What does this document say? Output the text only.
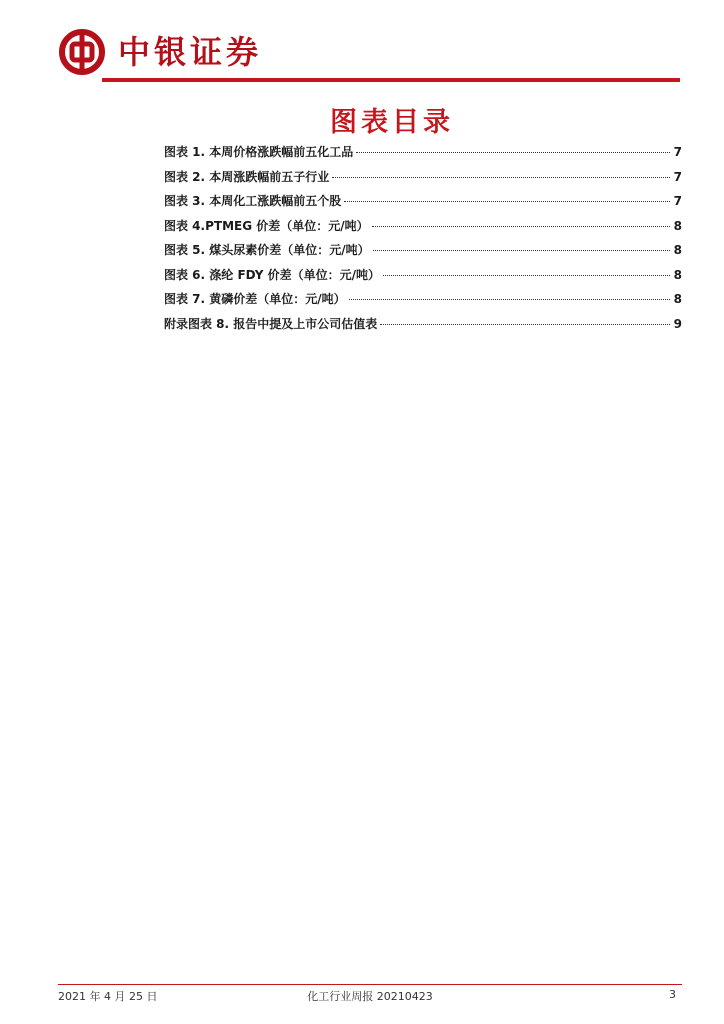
中银证券
图表目录
图表 1. 本周价格涨跌幅前五化工品	7
图表 2. 本周涨跌幅前五子行业	7
图表 3. 本周化工涨跌幅前五个股	7
图表 4.PTMEG 价差（单位：元/吨）	8
图表 5. 煤头尿素价差（单位：元/吨）	8
图表 6. 涤纶 FDY 价差（单位：元/吨）	8
图表 7. 黄磷价差（单位：元/吨）	8
附录图表 8. 报告中提及上市公司估值表	9
2021 年 4 月 25 日	化工行业周报 20210423	3
